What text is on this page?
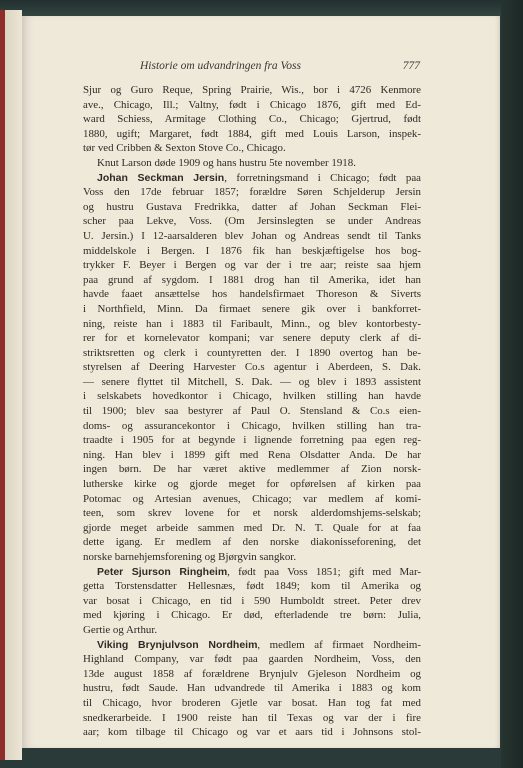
Historie om udvandringen fra Voss	777
Sjur og Guro Reque, Spring Prairie, Wis., bor i 4726 Kenmore
ave., Chicago, Ill.; Valtny, født i Chicago 1876, gift med Ed-
ward Schiess, Armitage Clothing Co., Chicago; Gjertrud, født
1880, ugift; Margaret, født 1884, gift med Louis Larson, inspek-
tør ved Cribben & Sexton Stove Co., Chicago.
Knut Larson døde 1909 og hans hustru 5te november 1918.
Johan Seckman Jersin, forretningsmand i Chicago; født paa
Voss den 17de februar 1857; forældre Søren Schjelderup Jersin
og hustru Gustava Fredrikka, datter af Johan Seckman Flei-
scher paa Lekve, Voss. (Om Jersinslegten se under Andreas
U. Jersin.) I 12-aarsalderen blev Johan og Andreas sendt til Tanks
middelskole i Bergen. I 1876 fik han beskjæftigelse hos bog-
trykker F. Beyer i Bergen og var der i tre aar; reiste saa hjem
paa grund af sygdom. I 1881 drog han til Amerika, idet han
havde faaet ansættelse hos handelsfirmaet Thoreson & Siverts
i Northfield, Minn. Da firmaet senere gik over i bankforret-
ning, reiste han i 1883 til Faribault, Minn., og blev kontorbesty-
rer for et kornelevator kompani; var senere deputy clerk af di-
striktsretten og clerk i countyretten der. I 1890 overtog han be-
styrelsen af Deering Harvester Co.s agentur i Aberdeen, S. Dak.
— senere flyttet til Mitchell, S. Dak. — og blev i 1893 assistent
i selskabets hovedkontor i Chicago, hvilken stilling han havde
til 1900; blev saa bestyrer af Paul O. Stensland & Co.s eien-
doms- og assurancekontor i Chicago, hvilken stilling han tra-
traadte i 1905 for at begynde i lignende forretning paa egen reg-
ning. Han blev i 1899 gift med Rena Olsdatter Anda. De har
ingen børn. De har været aktive medlemmer af Zion norsk-
lutherske kirke og gjorde meget for opførelsen af kirken paa
Potomac og Artesian avenues, Chicago; var medlem af komi-
teen, som skrev lovene for et norsk alderdomshjems-selskab;
gjorde meget arbeide sammen med Dr. N. T. Quale for at faa
dette igang. Er medlem af den norske diakonisseforening, det
norske barnehjemsforening og Bjørgvin sangkor.
Peter Sjurson Ringheim, født paa Voss 1851; gift med Mar-
getta Torstensdatter Hellesnæs, født 1849; kom til Amerika og
var bosat i Chicago, en tid i 590 Humboldt street. Peter drev
med kjøring i Chicago. Er død, efterladende tre børn: Julia,
Gertie og Arthur.
Viking Brynjulvson Nordheim, medlem af firmaet Nordheim-
Highland Company, var født paa gaarden Nordheim, Voss, den
13de august 1858 af forældrene Brynjulv Gjeleson Nordheim og
hustru, født Saude. Han udvandrede til Amerika i 1883 og kom
til Chicago, hvor broderen Gjetle var bosat. Han tog fat med
snedkerarbeide. I 1900 reiste han til Texas og var der i fire
aar; kom tilbage til Chicago og var et aars tid i Johnsons stol-
